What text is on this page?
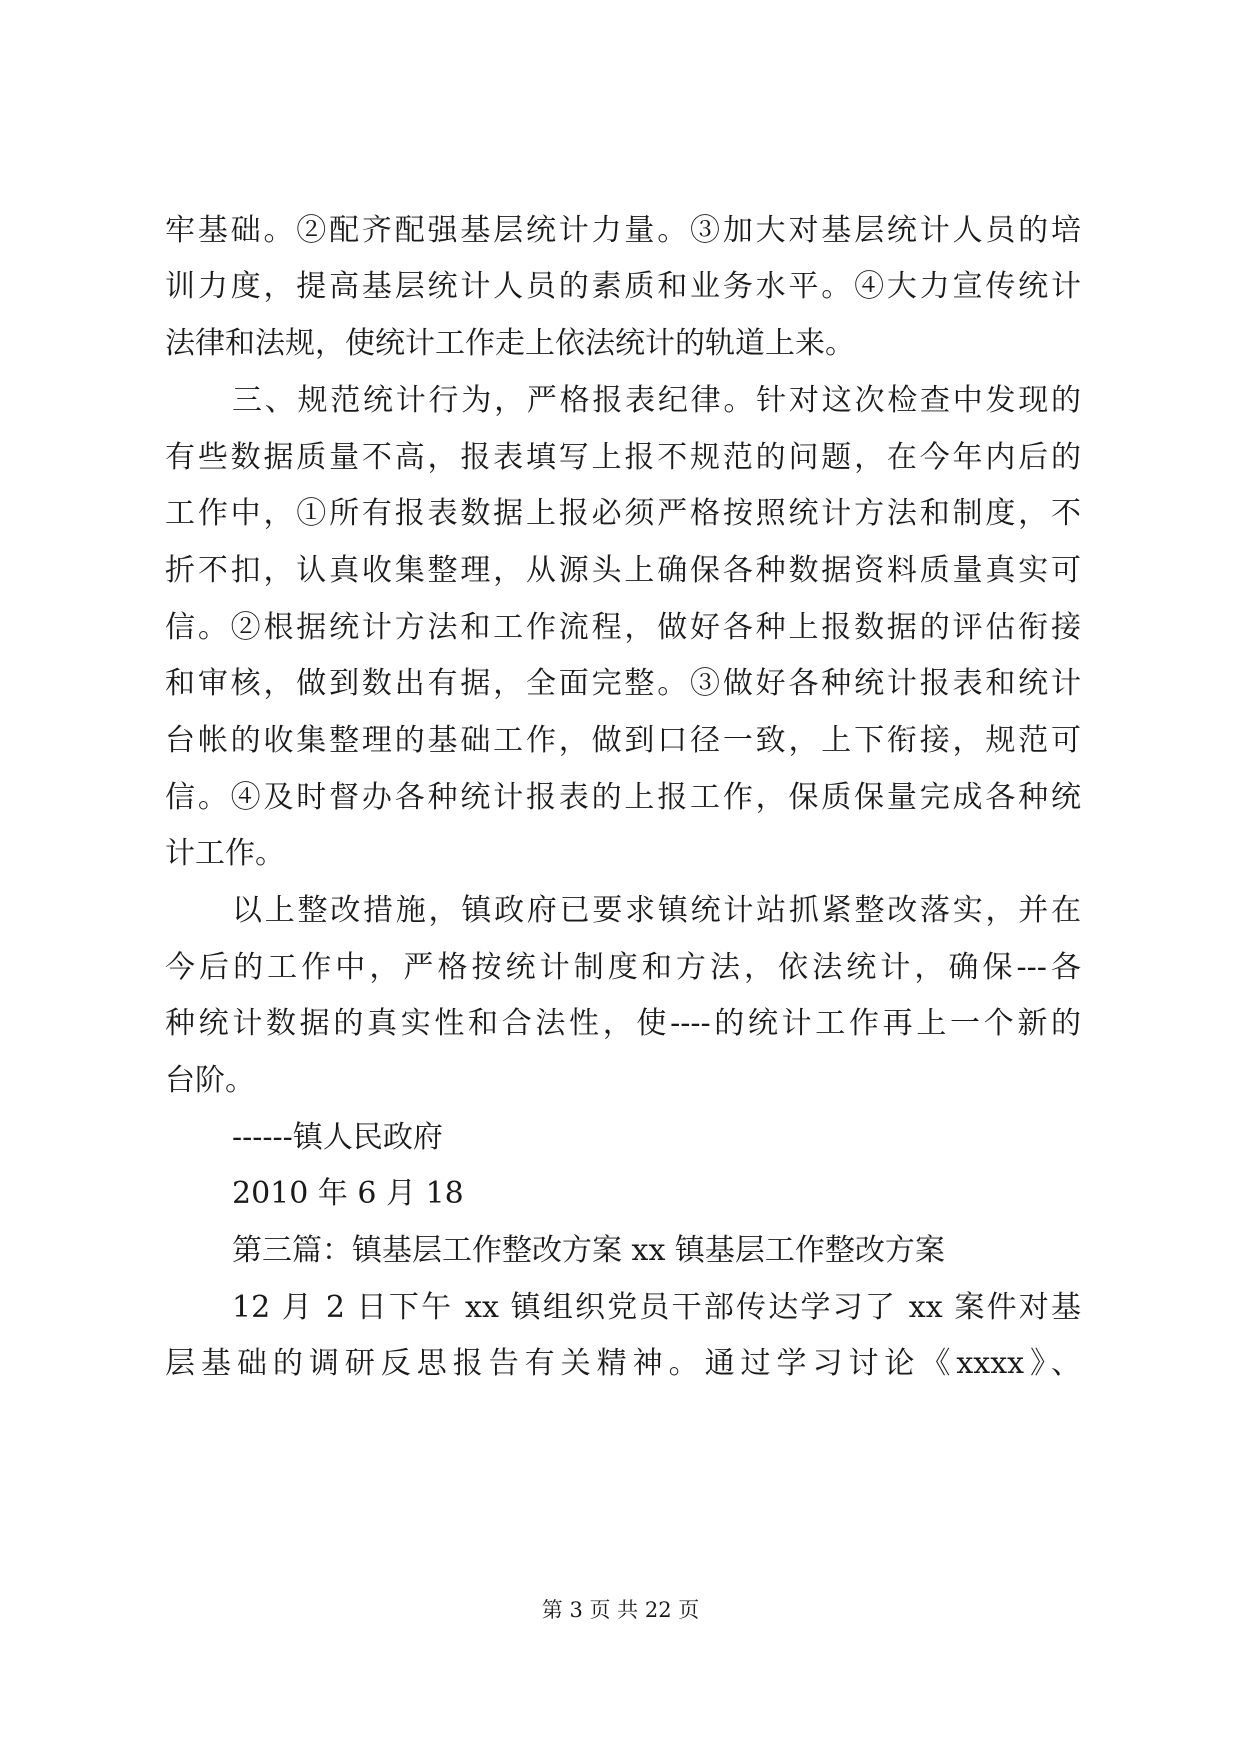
牢基础。②配齐配强基层统计力量。③加大对基层统计人员的培
训力度，提高基层统计人员的素质和业务水平。④大力宣传统计
法律和法规，使统计工作走上依法统计的轨道上来。
三、规范统计行为，严格报表纪律。针对这次检查中发现的
有些数据质量不高，报表填写上报不规范的问题，在今年内后的
工作中，①所有报表数据上报必须严格按照统计方法和制度，不
折不扣，认真收集整理，从源头上确保各种数据资料质量真实可
信。②根据统计方法和工作流程，做好各种上报数据的评估衔接
和审核，做到数出有据，全面完整。③做好各种统计报表和统计
台帐的收集整理的基础工作，做到口径一致，上下衔接，规范可
信。④及时督办各种统计报表的上报工作，保质保量完成各种统
计工作。
以上整改措施，镇政府已要求镇统计站抓紧整改落实，并在
今后的工作中，严格按统计制度和方法，依法统计，确保---各
种统计数据的真实性和合法性，使----的统计工作再上一个新的
台阶。
------镇人民政府
2010 年 6 月 18
第三篇：镇基层工作整改方案 xx 镇基层工作整改方案
12 月 2 日下午 xx 镇组织党员干部传达学习了 xx 案件对基
层基础的调研反思报告有关精神。通过学习讨论《xxxx》、
第 3 页 共 22 页
